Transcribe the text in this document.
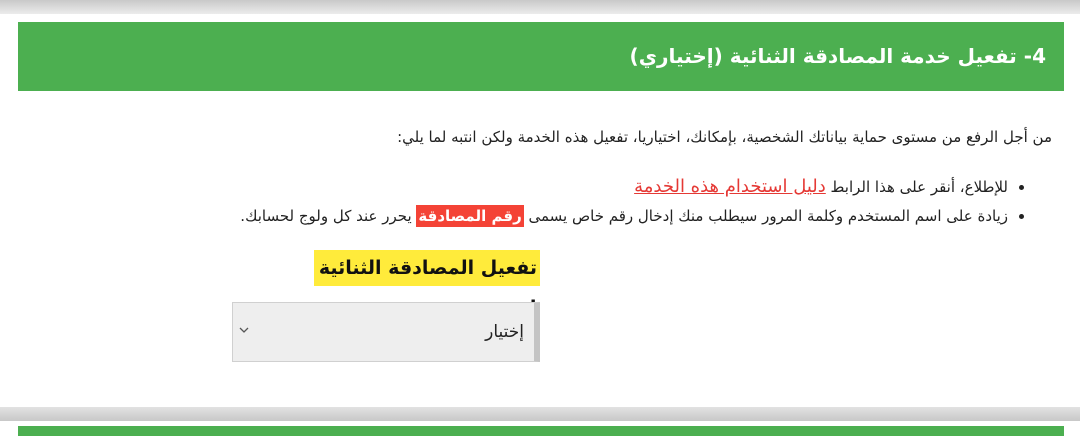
4- تفعيل خدمة المصادقة الثنائية (إختياري)

من أجل الرفع من مستوى حماية بياناتك الشخصية، بإمكانك، اختياريا، تفعيل هذه الخدمة ولكن انتبه لما يلي:

• للإطلاع، أنقر على هذا الرابط دليل استخدام هذه الخدمة
• زيادة على اسم المستخدم وكلمة المرور سيطلب منك إدخال رقم خاص يسمى رقم المصادقة يحرر عند كل ولوج لحسابك.
تفعيل المصادقة الثنائية
إختيار
